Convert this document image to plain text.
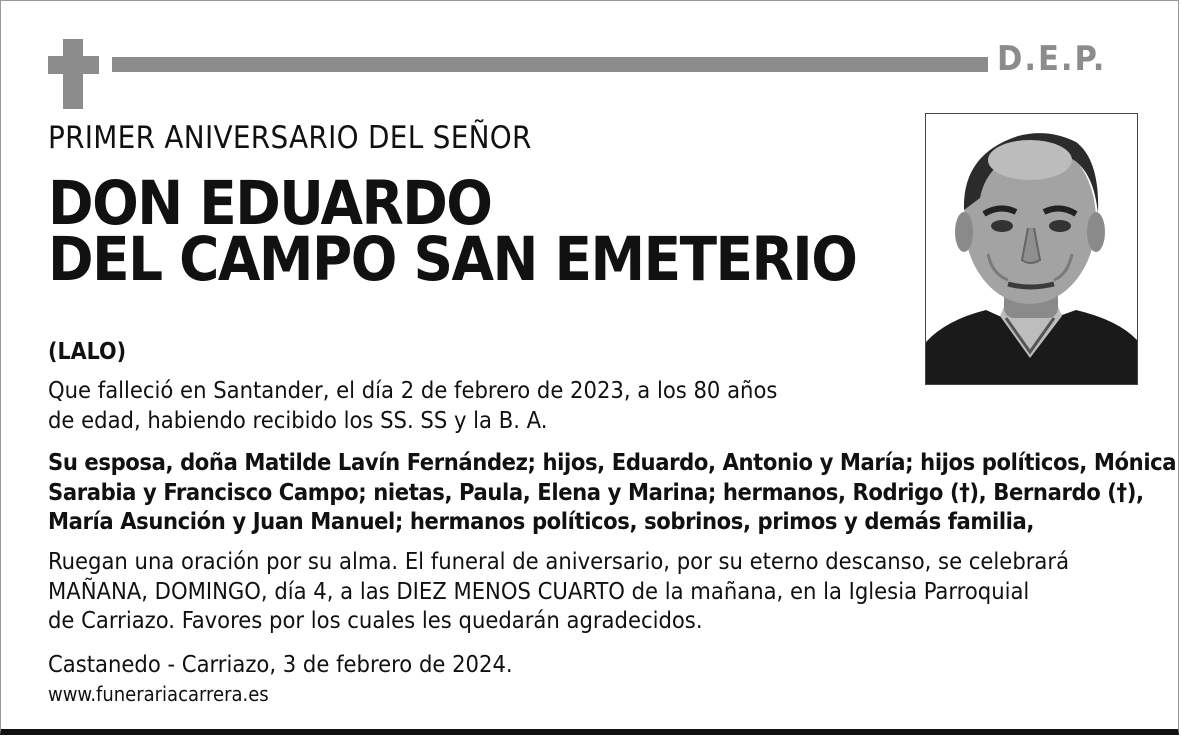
D.E.P.
PRIMER ANIVERSARIO DEL SEÑOR
DON EDUARDO
DEL CAMPO SAN EMETERIO
(LALO)
Que falleció en Santander, el día 2 de febrero de 2023, a los 80 años
de edad, habiendo recibido los SS. SS y la B. A.
Su esposa, doña Matilde Lavín Fernández; hijos, Eduardo, Antonio y María; hijos políticos, Mónica
Sarabia y Francisco Campo; nietas, Paula, Elena y Marina; hermanos, Rodrigo (†), Bernardo (†),
María Asunción y Juan Manuel; hermanos políticos, sobrinos, primos y demás familia,
Ruegan una oración por su alma. El funeral de aniversario, por su eterno descanso, se celebrará
MAÑANA, DOMINGO, día 4, a las DIEZ MENOS CUARTO de la mañana, en la Iglesia Parroquial
de Carriazo. Favores por los cuales les quedarán agradecidos.
Castanedo - Carriazo, 3 de febrero de 2024.
www.funerariacarrera.es
